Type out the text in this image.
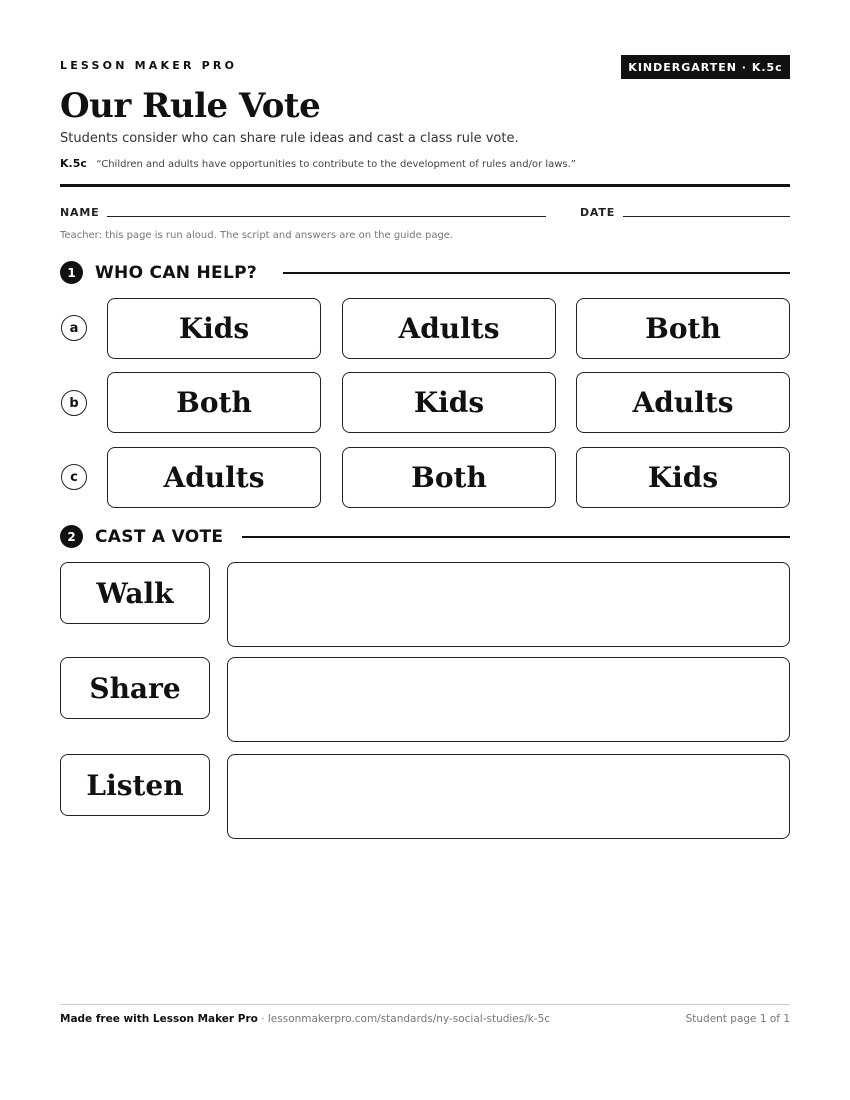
LESSON MAKER PRO	KINDERGARTEN · K.5c
Our Rule Vote
Students consider who can share rule ideas and cast a class rule vote.
K.5c “Children and adults have opportunities to contribute to the development of rules and/or laws.”
NAME	DATE
Teacher: this page is run aloud. The script and answers are on the guide page.
1	WHO CAN HELP?
a	Kids	Adults	Both
b	Both	Kids	Adults
c	Adults	Both	Kids
2	CAST A VOTE
Walk
Share
Listen
Made free with Lesson Maker Pro · lessonmakerpro.com/standards/ny-social-studies/k-5c	Student page 1 of 1
